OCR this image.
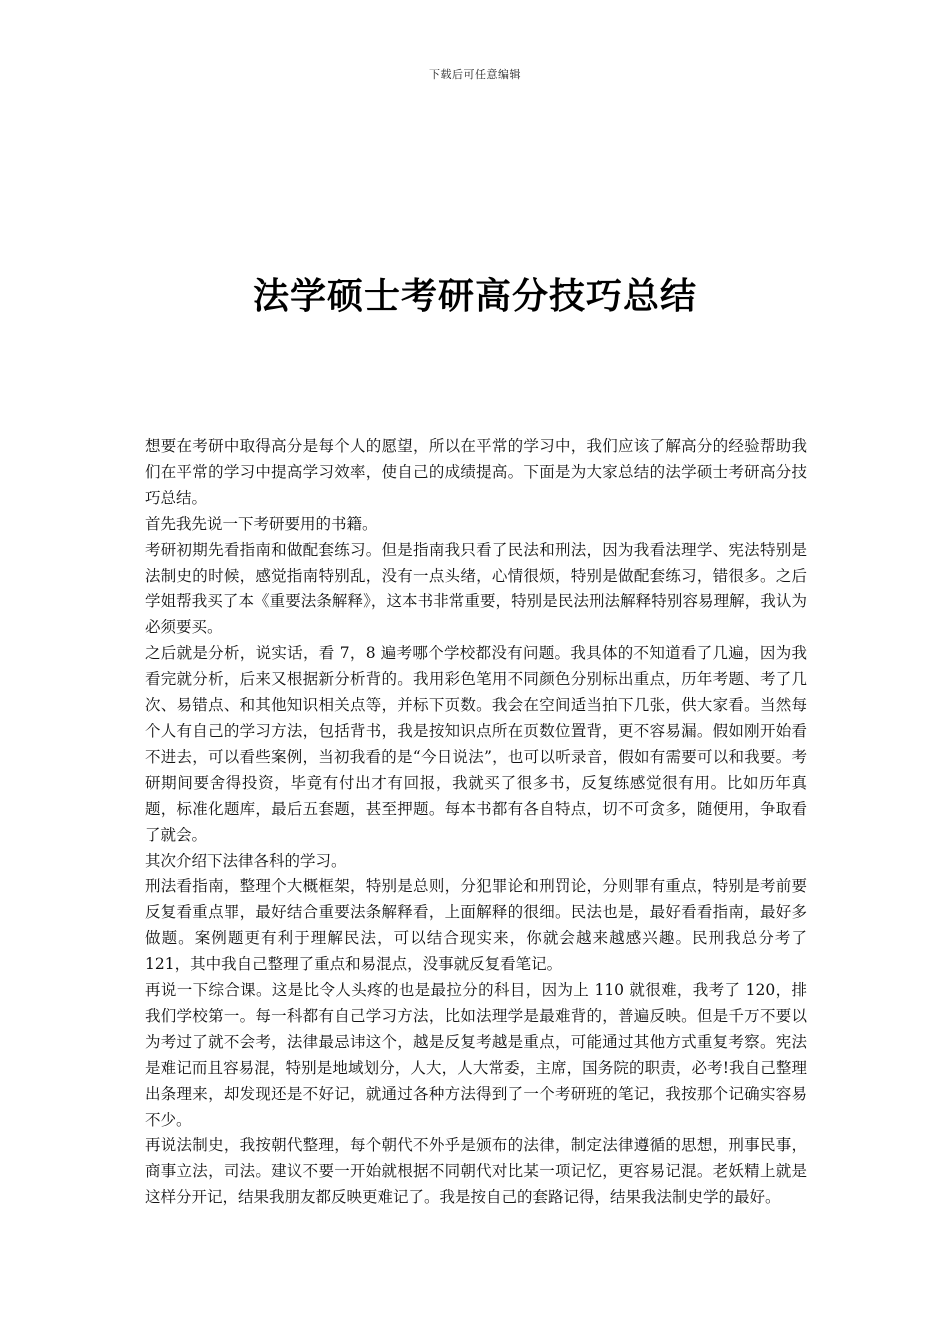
下载后可任意编辑
法学硕士考研高分技巧总结

想要在考研中取得高分是每个人的愿望，所以在平常的学习中，我们应该了解高分的经验帮助我们在平常的学习中提高学习效率，使自己的成绩提高。下面是为大家总结的法学硕士考研高分技巧总结。

首先我先说一下考研要用的书籍。

考研初期先看指南和做配套练习。但是指南我只看了民法和刑法，因为我看法理学、宪法特别是法制史的时候，感觉指南特别乱，没有一点头绪，心情很烦，特别是做配套练习，错很多。之后学姐帮我买了本《重要法条解释》，这本书非常重要，特别是民法刑法解释特别容易理解，我认为必须要买。

之后就是分析，说实话，看 7，8 遍考哪个学校都没有问题。我具体的不知道看了几遍，因为我看完就分析，后来又根据新分析背的。我用彩色笔用不同颜色分别标出重点，历年考题、考了几次、易错点、和其他知识相关点等，并标下页数。我会在空间适当拍下几张，供大家看。当然每个人有自己的学习方法，包括背书，我是按知识点所在页数位置背，更不容易漏。假如刚开始看不进去，可以看些案例，当初我看的是“今日说法”，也可以听录音，假如有需要可以和我要。考研期间要舍得投资，毕竟有付出才有回报，我就买了很多书，反复练感觉很有用。比如历年真题，标准化题库，最后五套题，甚至押题。每本书都有各自特点，切不可贪多，随便用，争取看了就会。

其次介绍下法律各科的学习。

刑法看指南，整理个大概框架，特别是总则，分犯罪论和刑罚论，分则罪有重点，特别是考前要反复看重点罪，最好结合重要法条解释看，上面解释的很细。民法也是，最好看看指南，最好多做题。案例题更有利于理解民法，可以结合现实来，你就会越来越感兴趣。民刑我总分考了 121，其中我自己整理了重点和易混点，没事就反复看笔记。

再说一下综合课。这是比令人头疼的也是最拉分的科目，因为上 110 就很难，我考了 120，排我们学校第一。每一科都有自己学习方法，比如法理学是最难背的，普遍反映。但是千万不要以为考过了就不会考，法律最忌讳这个，越是反复考越是重点，可能通过其他方式重复考察。宪法是难记而且容易混，特别是地域划分，人大，人大常委，主席，国务院的职责，必考!我自己整理出条理来，却发现还是不好记，就通过各种方法得到了一个考研班的笔记，我按那个记确实容易不少。

再说法制史，我按朝代整理，每个朝代不外乎是颁布的法律，制定法律遵循的思想，刑事民事，商事立法，司法。建议不要一开始就根据不同朝代对比某一项记忆，更容易记混。老妖精上就是这样分开记，结果我朋友都反映更难记了。我是按自己的套路记得，结果我法制史学的最好。
